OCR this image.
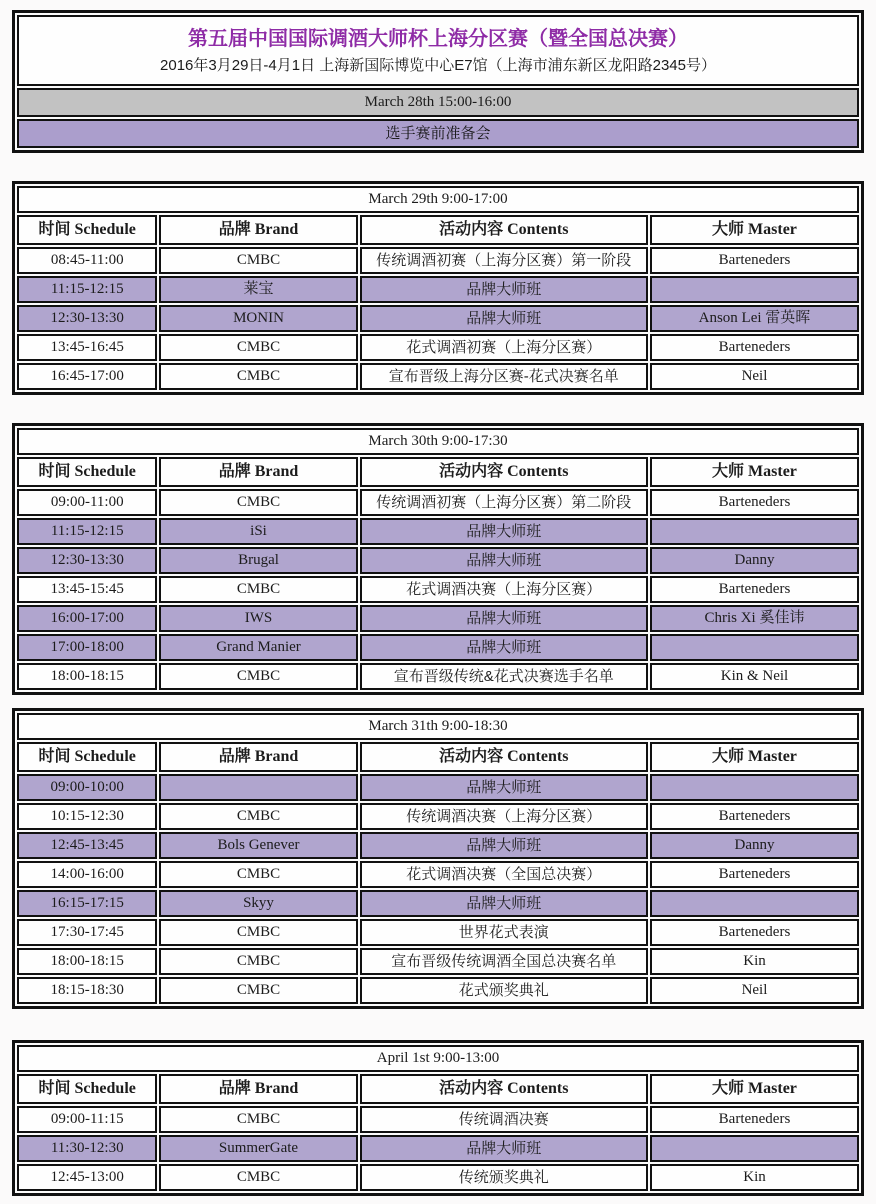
第五届中国国际调酒大师杯上海分区赛（暨全国总决赛）
2016年3月29日-4月1日 上海新国际博览中心E7馆（上海市浦东新区龙阳路2345号）
March 28th 15:00-16:00
选手赛前准备会
March 29th 9:00-17:00			
时间 Schedule	品牌 Brand	活动内容 Contents	大师 Master
08:45-11:00	CMBC	传统调酒初赛（上海分区赛）第一阶段	Barteneders
11:15-12:15	莱宝	品牌大师班	
12:30-13:30	MONIN	品牌大师班	Anson Lei 雷英晖
13:45-16:45	CMBC	花式调酒初赛（上海分区赛）	Barteneders
16:45-17:00	CMBC	宣布晋级上海分区赛-花式决赛名单	Neil
March 30th 9:00-17:30			
时间 Schedule	品牌 Brand	活动内容 Contents	大师 Master
09:00-11:00	CMBC	传统调酒初赛（上海分区赛）第二阶段	Barteneders
11:15-12:15	iSi	品牌大师班	
12:30-13:30	Brugal	品牌大师班	Danny
13:45-15:45	CMBC	花式调酒决赛（上海分区赛）	Barteneders
16:00-17:00	IWS	品牌大师班	Chris Xi 奚佳讳
17:00-18:00	Grand Manier	品牌大师班	
18:00-18:15	CMBC	宣布晋级传统&花式决赛选手名单	Kin & Neil
March 31th 9:00-18:30			
时间 Schedule	品牌 Brand	活动内容 Contents	大师 Master
09:00-10:00		品牌大师班	
10:15-12:30	CMBC	传统调酒决赛（上海分区赛）	Barteneders
12:45-13:45	Bols Genever	品牌大师班	Danny
14:00-16:00	CMBC	花式调酒决赛（全国总决赛）	Barteneders
16:15-17:15	Skyy	品牌大师班	
17:30-17:45	CMBC	世界花式表演	Barteneders
18:00-18:15	CMBC	宣布晋级传统调酒全国总决赛名单	Kin
18:15-18:30	CMBC	花式颁奖典礼	Neil
April 1st 9:00-13:00			
时间 Schedule	品牌 Brand	活动内容 Contents	大师 Master
09:00-11:15	CMBC	传统调酒决赛	Barteneders
11:30-12:30	SummerGate	品牌大师班	
12:45-13:00	CMBC	传统颁奖典礼	Kin
